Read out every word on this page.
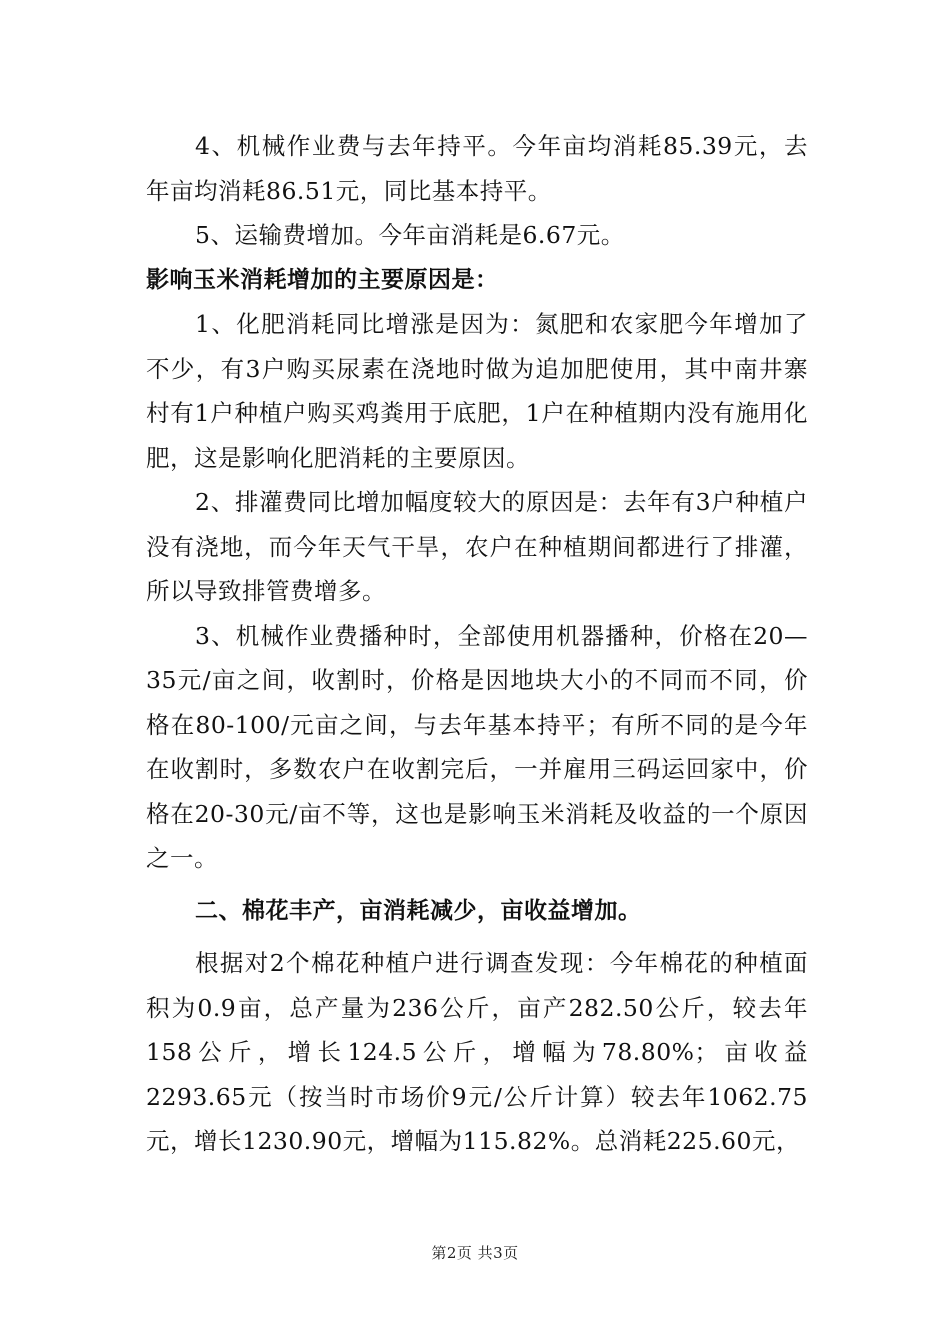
4、机械作业费与去年持平。今年亩均消耗85.39元，去年亩均消耗86.51元，同比基本持平。

5、运输费增加。今年亩消耗是6.67元。

影响玉米消耗增加的主要原因是：

1、化肥消耗同比增涨是因为：氮肥和农家肥今年增加了不少，有3户购买尿素在浇地时做为追加肥使用，其中南井寨村有1户种植户购买鸡粪用于底肥，1户在种植期内没有施用化肥，这是影响化肥消耗的主要原因。

2、排灌费同比增加幅度较大的原因是：去年有3户种植户没有浇地，而今年天气干旱，农户在种植期间都进行了排灌，所以导致排管费增多。

3、机械作业费播种时，全部使用机器播种，价格在20—35元/亩之间，收割时，价格是因地块大小的不同而不同，价格在80-100/元亩之间，与去年基本持平；有所不同的是今年在收割时，多数农户在收割完后，一并雇用三码运回家中，价格在20-30元/亩不等，这也是影响玉米消耗及收益的一个原因之一。

二、棉花丰产，亩消耗减少，亩收益增加。

根据对2个棉花种植户进行调查发现：今年棉花的种植面积为0.9亩，总产量为236公斤，亩产282.50公斤，较去年158公斤，增长124.5公斤，增幅为78.80%；亩收益2293.65元（按当时市场价9元/公斤计算）较去年1062.75元，增长1230.90元，增幅为115.82%。总消耗225.60元，

第2页 共3页
